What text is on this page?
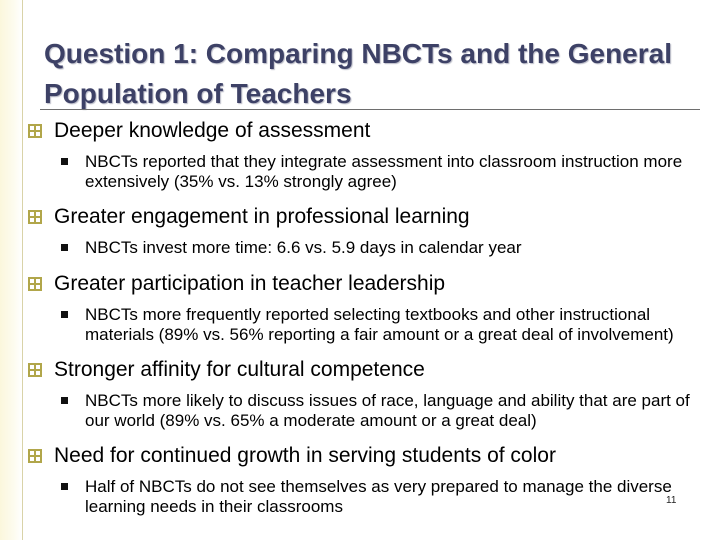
Question 1: Comparing NBCTs and the General Population of Teachers
Deeper knowledge of assessment
NBCTs reported that they integrate assessment into classroom instruction more extensively (35% vs. 13% strongly agree)
Greater engagement in professional learning
NBCTs invest more time: 6.6 vs. 5.9 days in calendar year
Greater participation in teacher leadership
NBCTs more frequently reported selecting textbooks and other instructional materials (89% vs. 56% reporting a fair amount or a great deal of involvement)
Stronger affinity for cultural competence
NBCTs more likely to discuss issues of race, language and ability that are part of our world (89% vs. 65% a moderate amount or a great deal)
Need for continued growth in serving students of color
Half of NBCTs do not see themselves as very prepared to manage the diverse learning needs in their classrooms	11
